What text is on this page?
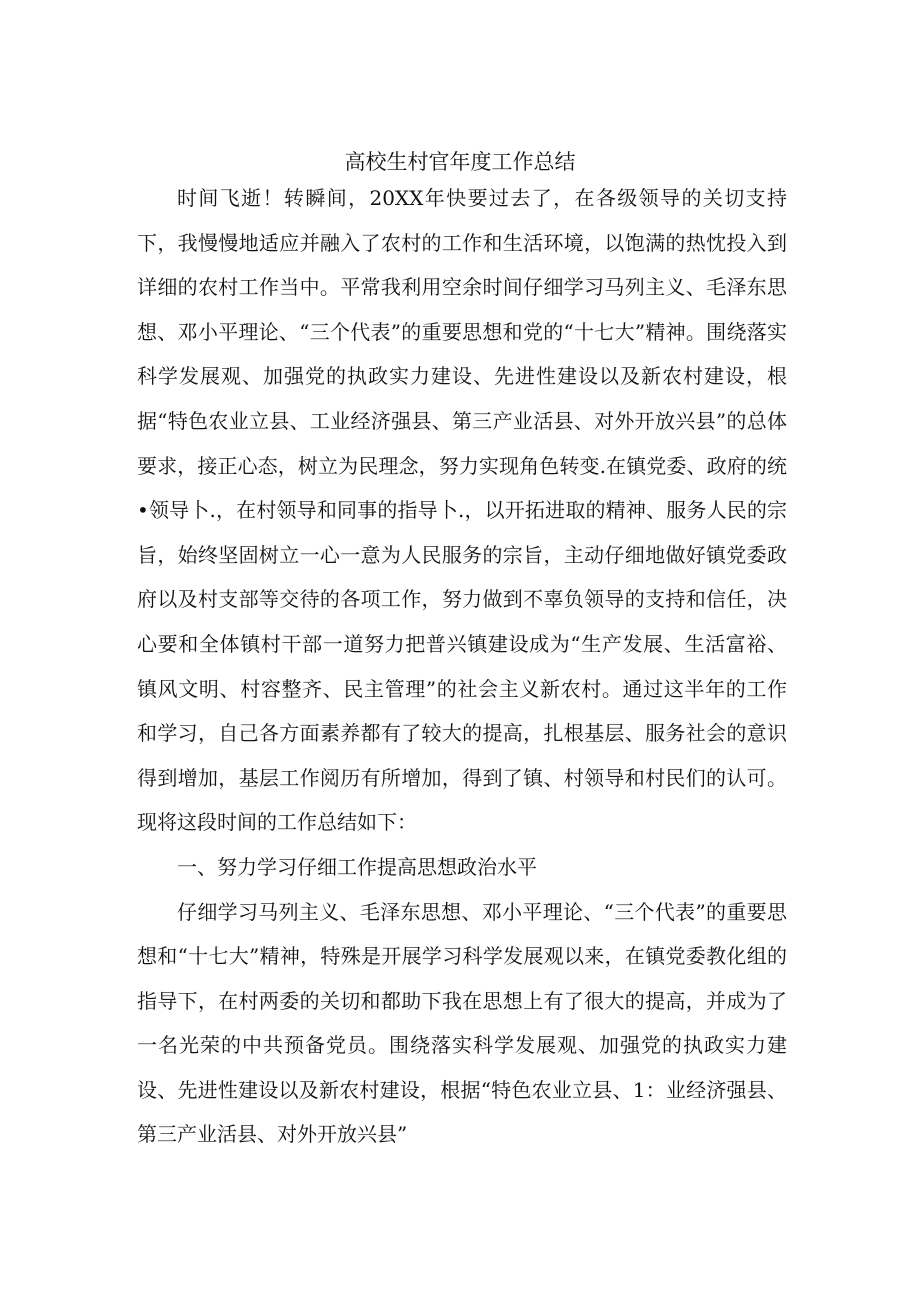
高校生村官年度工作总结

时间飞逝！转瞬间，20XX年快要过去了，在各级领导的关切支持下，我慢慢地适应并融入了农村的工作和生活环境，以饱满的热忱投入到详细的农村工作当中。平常我利用空余时间仔细学习马列主义、毛泽东思想、邓小平理论、“三个代表”的重要思想和党的“十七大”精神。围绕落实科学发展观、加强党的执政实力建设、先进性建设以及新农村建设，根据“特色农业立县、工业经济强县、第三产业活县、对外开放兴县”的总体要求，接正心态，树立为民理念，努力实现角色转变.在镇党委、政府的统•领导卜.，在村领导和同事的指导卜.，以开拓进取的精神、服务人民的宗旨，始终坚固树立一心一意为人民服务的宗旨，主动仔细地做好镇党委政府以及村支部等交待的各项工作，努力做到不辜负领导的支持和信任，决心要和全体镇村干部一道努力把普兴镇建设成为“生产发展、生活富裕、镇风文明、村容整齐、民主管理”的社会主义新农村。通过这半年的工作和学习，自己各方面素养都有了较大的提高，扎根基层、服务社会的意识得到增加，基层工作阅历有所增加，得到了镇、村领导和村民们的认可。现将这段时间的工作总结如下：

一、努力学习仔细工作提高思想政治水平

仔细学习马列主义、毛泽东思想、邓小平理论、“三个代表”的重要思想和“十七大”精神，特殊是开展学习科学发展观以来，在镇党委教化组的指导下，在村两委的关切和都助下我在思想上有了很大的提高，并成为了一名光荣的中共预备党员。围绕落实科学发展观、加强党的执政实力建设、先进性建设以及新农村建设，根据“特色农业立县、1：业经济强县、第三产业活县、对外开放兴县”
